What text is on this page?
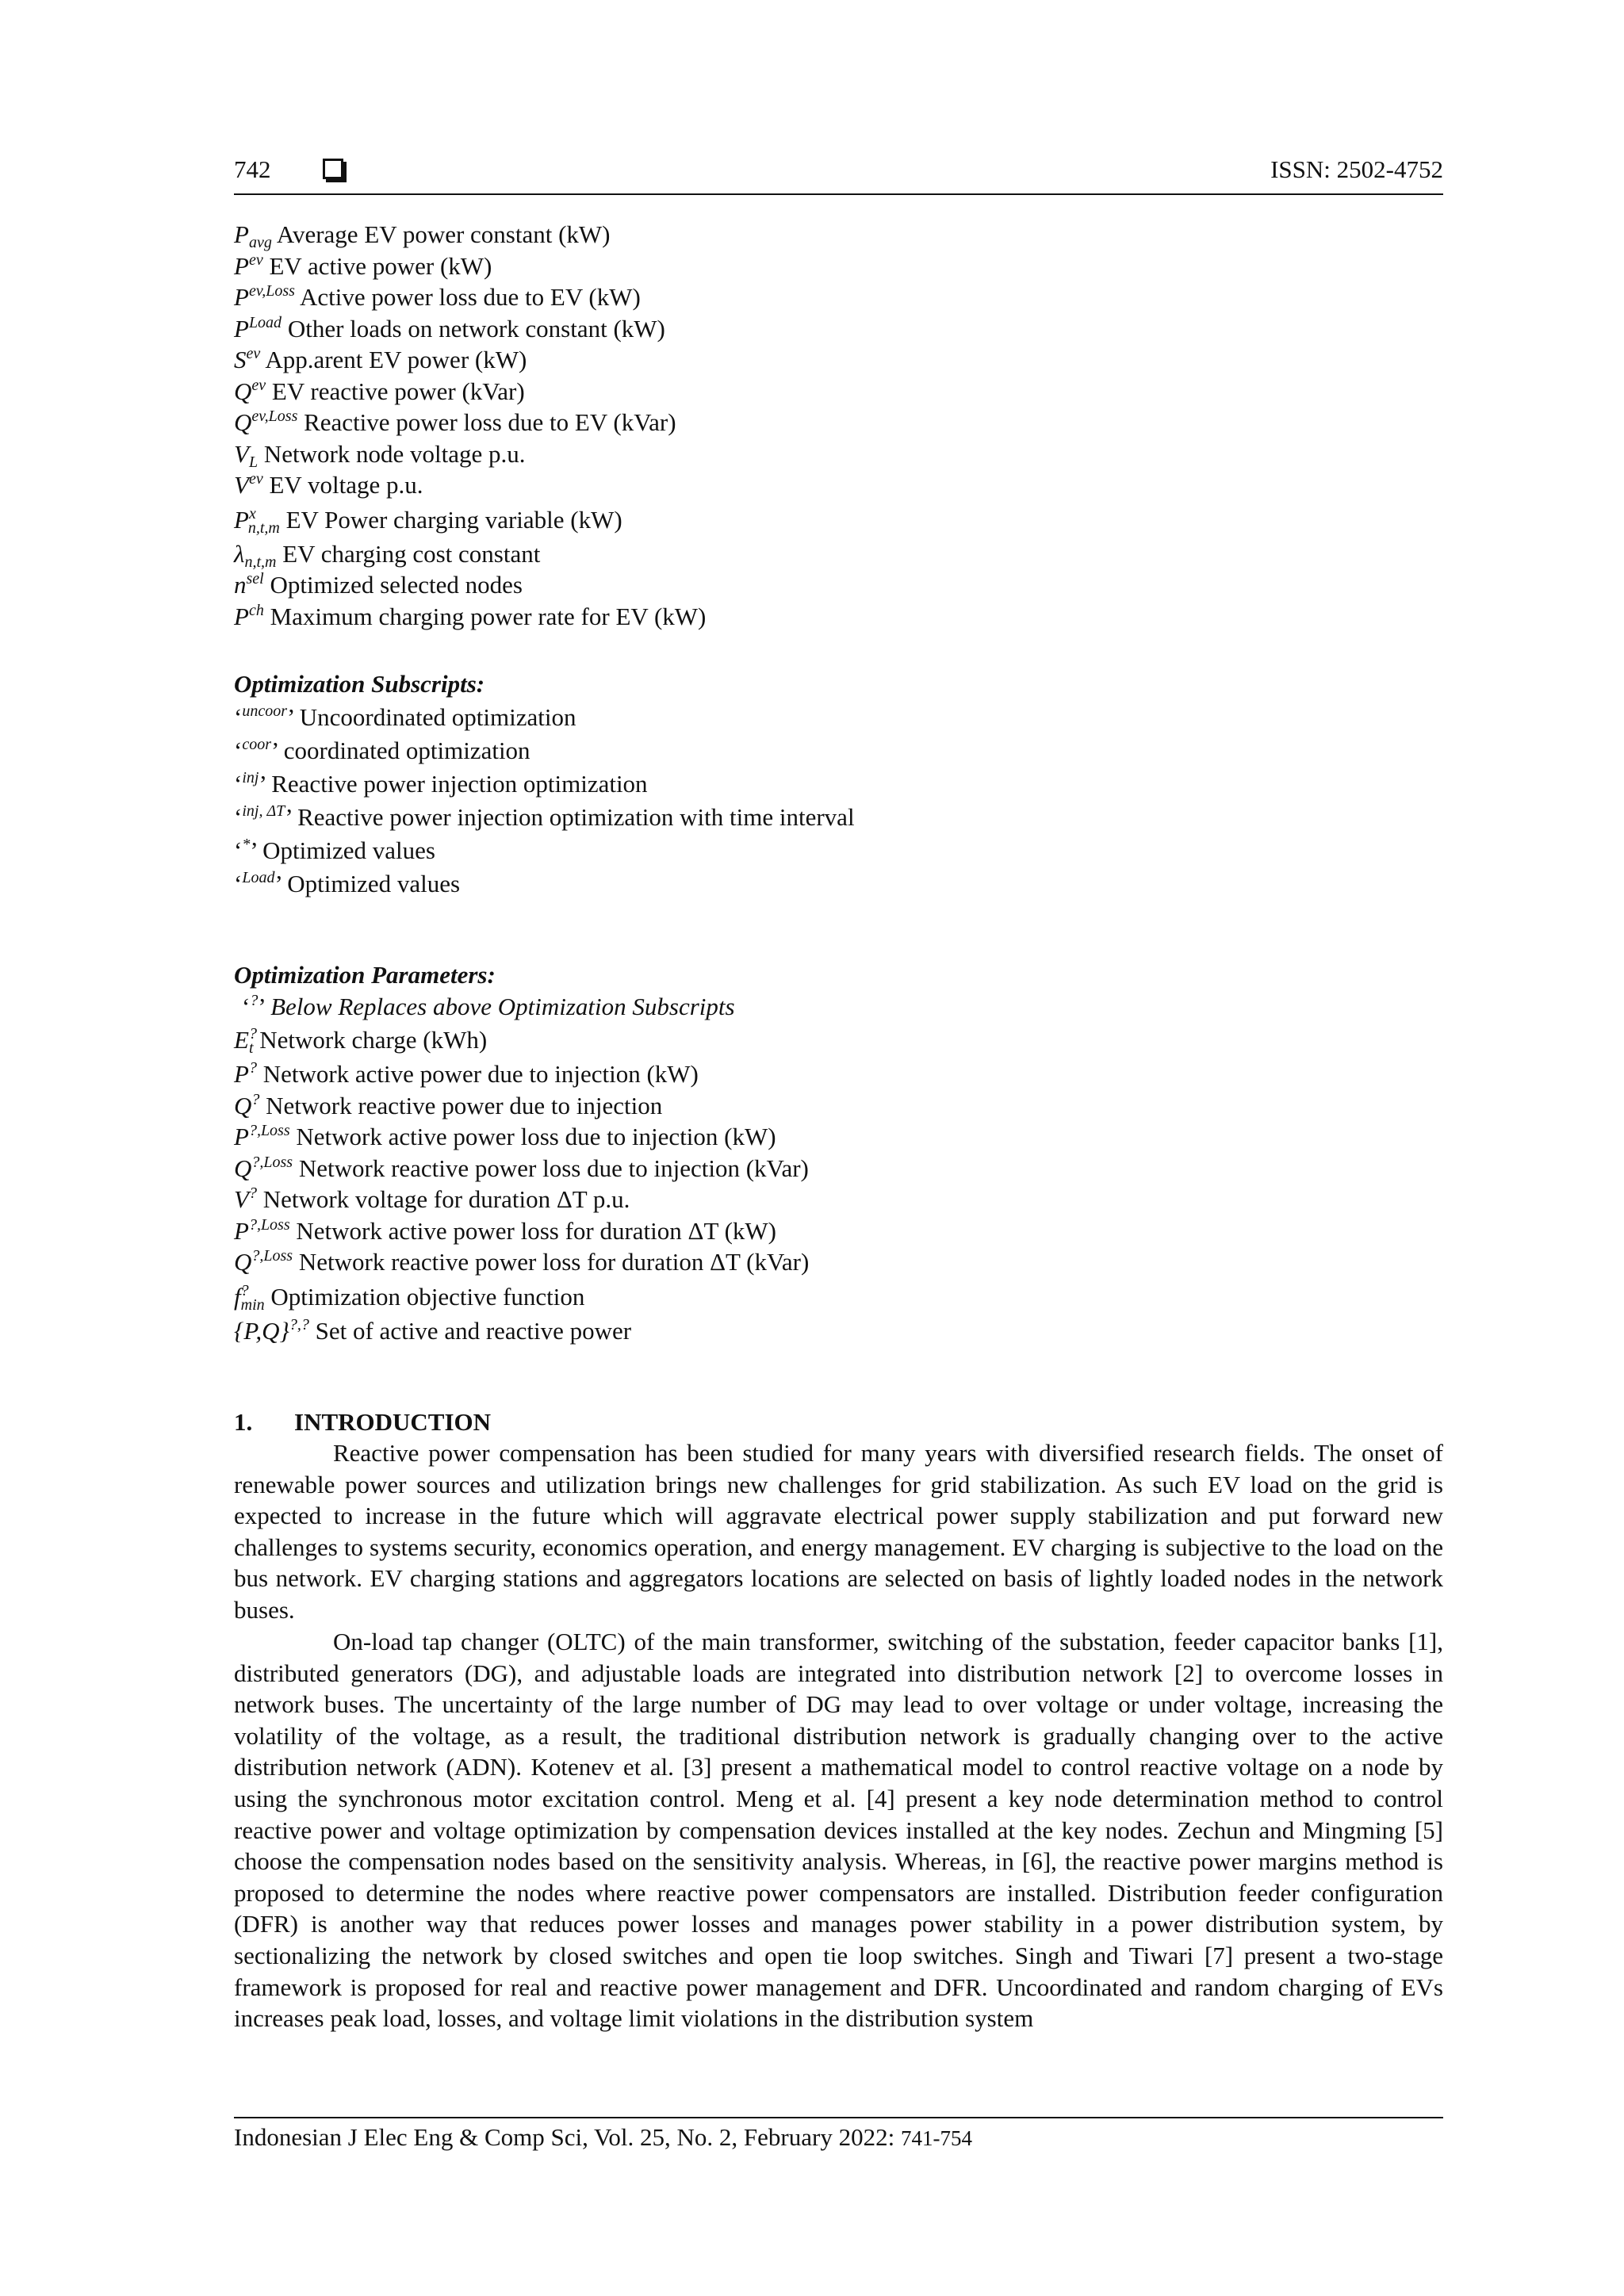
742	ISSN: 2502-4752
$P_{avg}$ Average EV power constant (kW)
$P^{ev}$ EV active power (kW)
$P^{ev,Loss}$ Active power loss due to EV (kW)
$P^{Load}$ Other loads on network constant (kW)
$S^{ev}$ App.arent EV power (kW)
$Q^{ev}$ EV reactive power (kVar)
$Q^{ev,Loss}$ Reactive power loss due to EV (kVar)
$V_L$ Network node voltage p.u.
$V^{ev}$ EV voltage p.u.
$P^x_{n,t,m}$ EV Power charging variable (kW)
$\lambda_{n,t,m}$ EV charging cost constant
$n^{sel}$ Optimized selected nodes
$P^{ch}$ Maximum charging power rate for EV (kW)
Optimization Subscripts:
‘$^{uncoor}$’ Uncoordinated optimization
‘$^{coor}$’ coordinated optimization
‘$^{inj}$’ Reactive power injection optimization
‘$^{inj, \Delta T}$’ Reactive power injection optimization with time interval
‘*’ Optimized values
‘$^{Load}$’ Optimized values
Optimization Parameters:
‘?’ Below Replaces above Optimization Subscripts
$E^?_t$ Network charge (kWh)
P? Network active power due to injection (kW)
Q? Network reactive power due to injection
$P^{?,Loss}$ Network active power loss due to injection (kW)
$Q^{?,Loss}$ Network reactive power loss due to injection (kVar)
V? Network voltage for duration ΔT p.u.
$P^{?,Loss}$ Network active power loss for duration ΔT (kW)
$Q^{?,Loss}$ Network reactive power loss for duration ΔT (kVar)
$f^?_{min}$ Optimization objective function
{P,Q}?,? Set of active and reactive power
1. INTRODUCTION

Reactive power compensation has been studied for many years with diversified research fields. The onset of renewable power sources and utilization brings new challenges for grid stabilization. As such EV load on the grid is expected to increase in the future which will aggravate electrical power supply stabilization and put forward new challenges to systems security, economics operation, and energy management. EV charging is subjective to the load on the bus network. EV charging stations and aggregators locations are selected on basis of lightly loaded nodes in the network buses.

On-load tap changer (OLTC) of the main transformer, switching of the substation, feeder capacitor banks [1], distributed generators (DG), and adjustable loads are integrated into distribution network [2] to overcome losses in network buses. The uncertainty of the large number of DG may lead to over voltage or under voltage, increasing the volatility of the voltage, as a result, the traditional distribution network is gradually changing over to the active distribution network (ADN). Kotenev et al. [3] present a mathematical model to control reactive voltage on a node by using the synchronous motor excitation control. Meng et al. [4] present a key node determination method to control reactive power and voltage optimization by compensation devices installed at the key nodes. Zechun and Mingming [5] choose the compensation nodes based on the sensitivity analysis. Whereas, in [6], the reactive power margins method is proposed to determine the nodes where reactive power compensators are installed. Distribution feeder configuration (DFR) is another way that reduces power losses and manages power stability in a power distribution system, by sectionalizing the network by closed switches and open tie loop switches. Singh and Tiwari [7] present a two-stage framework is proposed for real and reactive power management and DFR. Uncoordinated and random charging of EVs increases peak load, losses, and voltage limit violations in the distribution system

Indonesian J Elec Eng & Comp Sci, Vol. 25, No. 2, February 2022: 741-754
